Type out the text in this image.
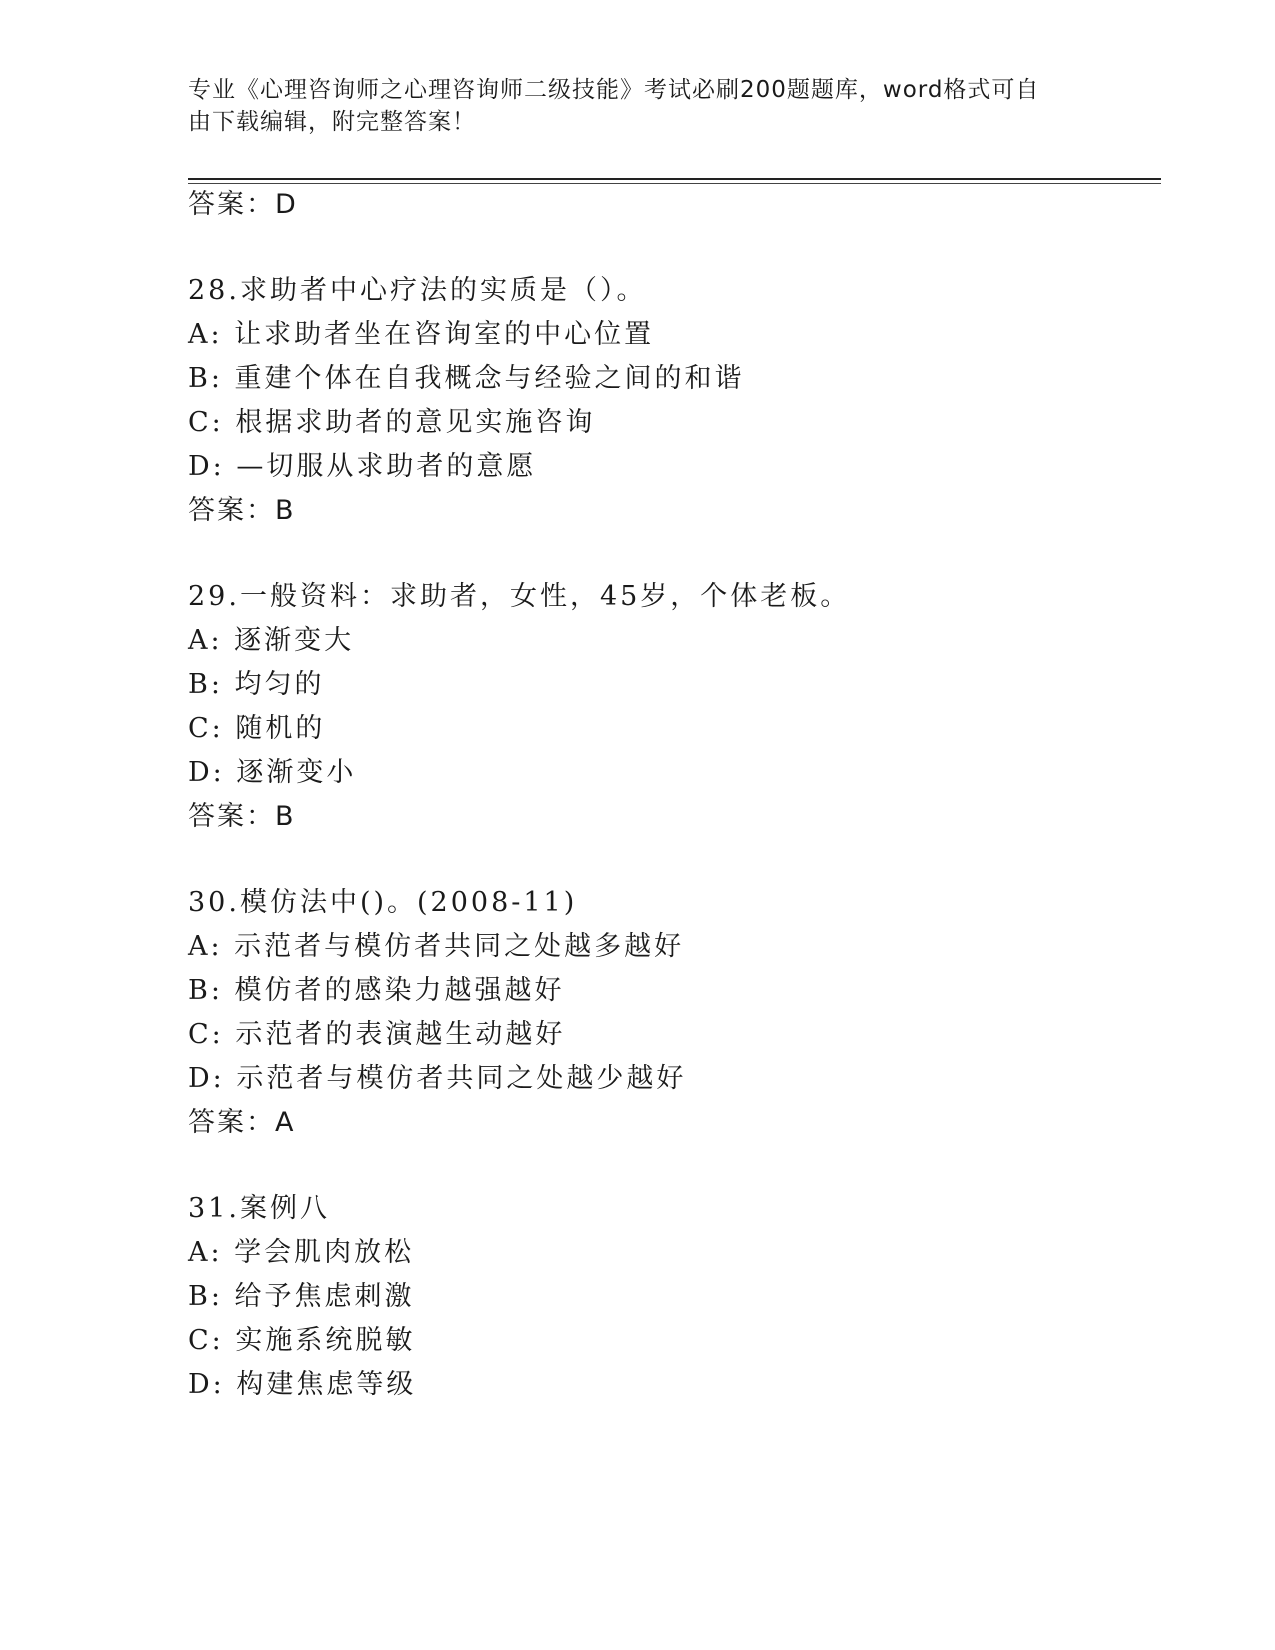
专业《心理咨询师之心理咨询师二级技能》考试必刷200题题库，word格式可自
由下载编辑，附完整答案！
答案：D
28.求助者中心疗法的实质是（）。
A: 让求助者坐在咨询室的中心位置
B: 重建个体在自我概念与经验之间的和谐
C: 根据求助者的意见实施咨询
D: —切服从求助者的意愿
答案：B
29.一般资料：求助者，女性，45岁，个体老板。
A: 逐渐变大
B: 均匀的
C: 随机的
D: 逐渐变小
答案：B
30.模仿法中()。(2008-11)
A: 示范者与模仿者共同之处越多越好
B: 模仿者的感染力越强越好
C: 示范者的表演越生动越好
D: 示范者与模仿者共同之处越少越好
答案：A
31.案例八
A: 学会肌肉放松
B: 给予焦虑刺激
C: 实施系统脱敏
D: 构建焦虑等级
